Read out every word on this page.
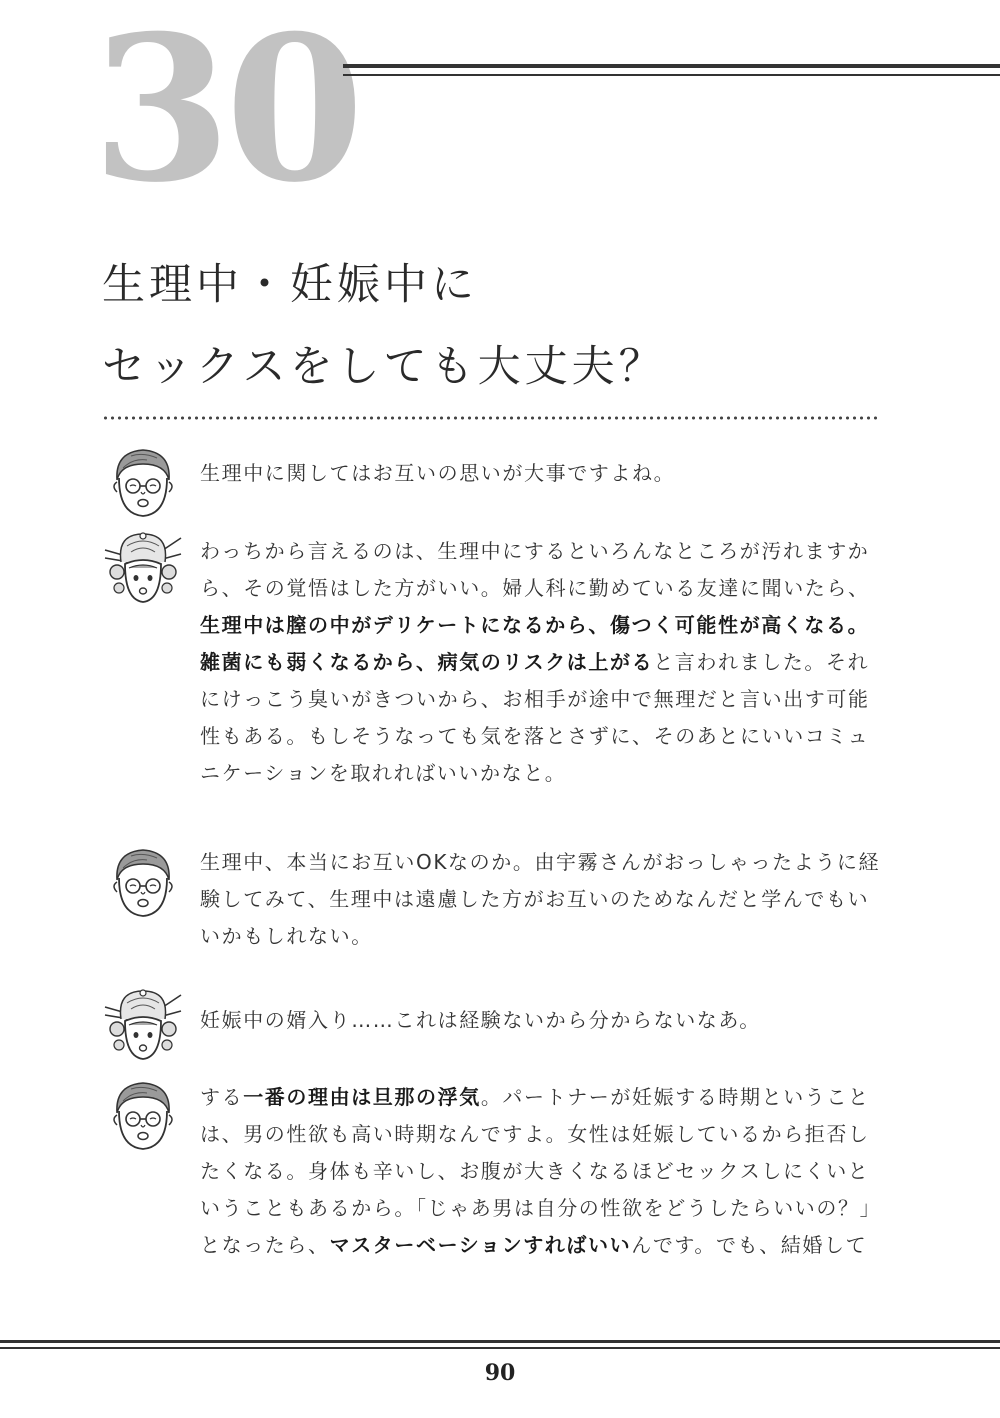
30
生理中・妊娠中に
セックスをしても大丈夫？

生理中に関してはお互いの思いが大事ですよね。

わっちから言えるのは、生理中にするといろんなところが汚れますから、その覚悟はした方がいい。婦人科に勤めている友達に聞いたら、生理中は膣の中がデリケートになるから、傷つく可能性が高くなる。雑菌にも弱くなるから、病気のリスクは上がると言われました。それにけっこう臭いがきついから、お相手が途中で無理だと言い出す可能性もある。もしそうなっても気を落とさずに、そのあとにいいコミュニケーションを取れればいいかなと。

生理中、本当にお互いOKなのか。由宇霧さんがおっしゃったように経験してみて、生理中は遠慮した方がお互いのためなんだと学んでもいいかもしれない。

妊娠中の婿入り……これは経験ないから分からないなあ。

する一番の理由は旦那の浮気。パートナーが妊娠する時期ということは、男の性欲も高い時期なんですよ。女性は妊娠しているから拒否したくなる。身体も辛いし、お腹が大きくなるほどセックスしにくいということもあるから。「じゃあ男は自分の性欲をどうしたらいいの？」となったら、マスターベーションすればいいんです。でも、結婚して

90
